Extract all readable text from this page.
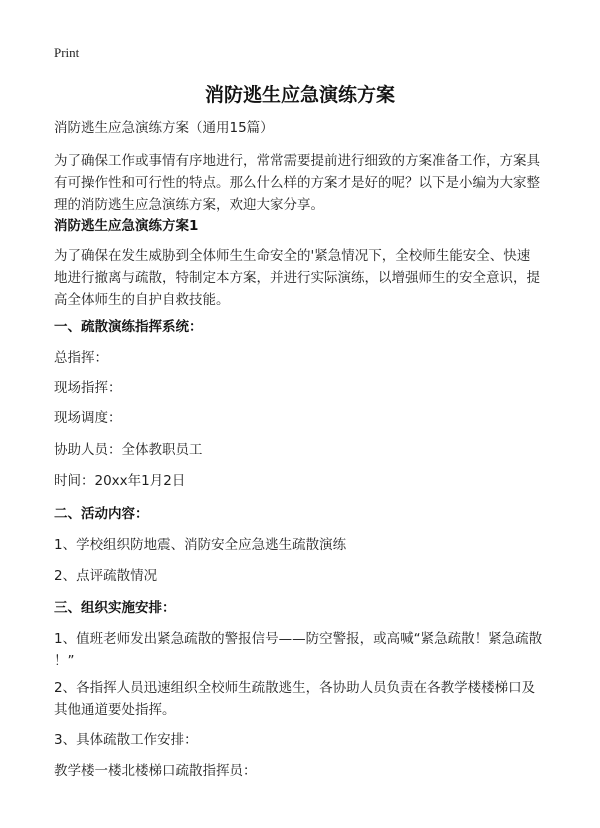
Print
消防逃生应急演练方案
消防逃生应急演练方案（通用15篇）
为了确保工作或事情有序地进行，常常需要提前进行细致的方案准备工作，方案具
有可操作性和可行性的特点。那么什么样的方案才是好的呢？以下是小编为大家整
理的消防逃生应急演练方案，欢迎大家分享。
消防逃生应急演练方案1
为了确保在发生威胁到全体师生生命安全的'紧急情况下，全校师生能安全、快速
地进行撤离与疏散，特制定本方案，并进行实际演练，以增强师生的安全意识，提
高全体师生的自护自救技能。
一、疏散演练指挥系统：
总指挥：
现场指挥：
现场调度：
协助人员：全体教职员工
时间：20xx年1月2日
二、活动内容：
1、学校组织防地震、消防安全应急逃生疏散演练
2、点评疏散情况
三、组织实施安排：
1、值班老师发出紧急疏散的警报信号——防空警报，或高喊“紧急疏散！紧急疏散
！”
2、各指挥人员迅速组织全校师生疏散逃生，各协助人员负责在各教学楼楼梯口及
其他通道要处指挥。
3、具体疏散工作安排：
教学楼一楼北楼梯口疏散指挥员：
